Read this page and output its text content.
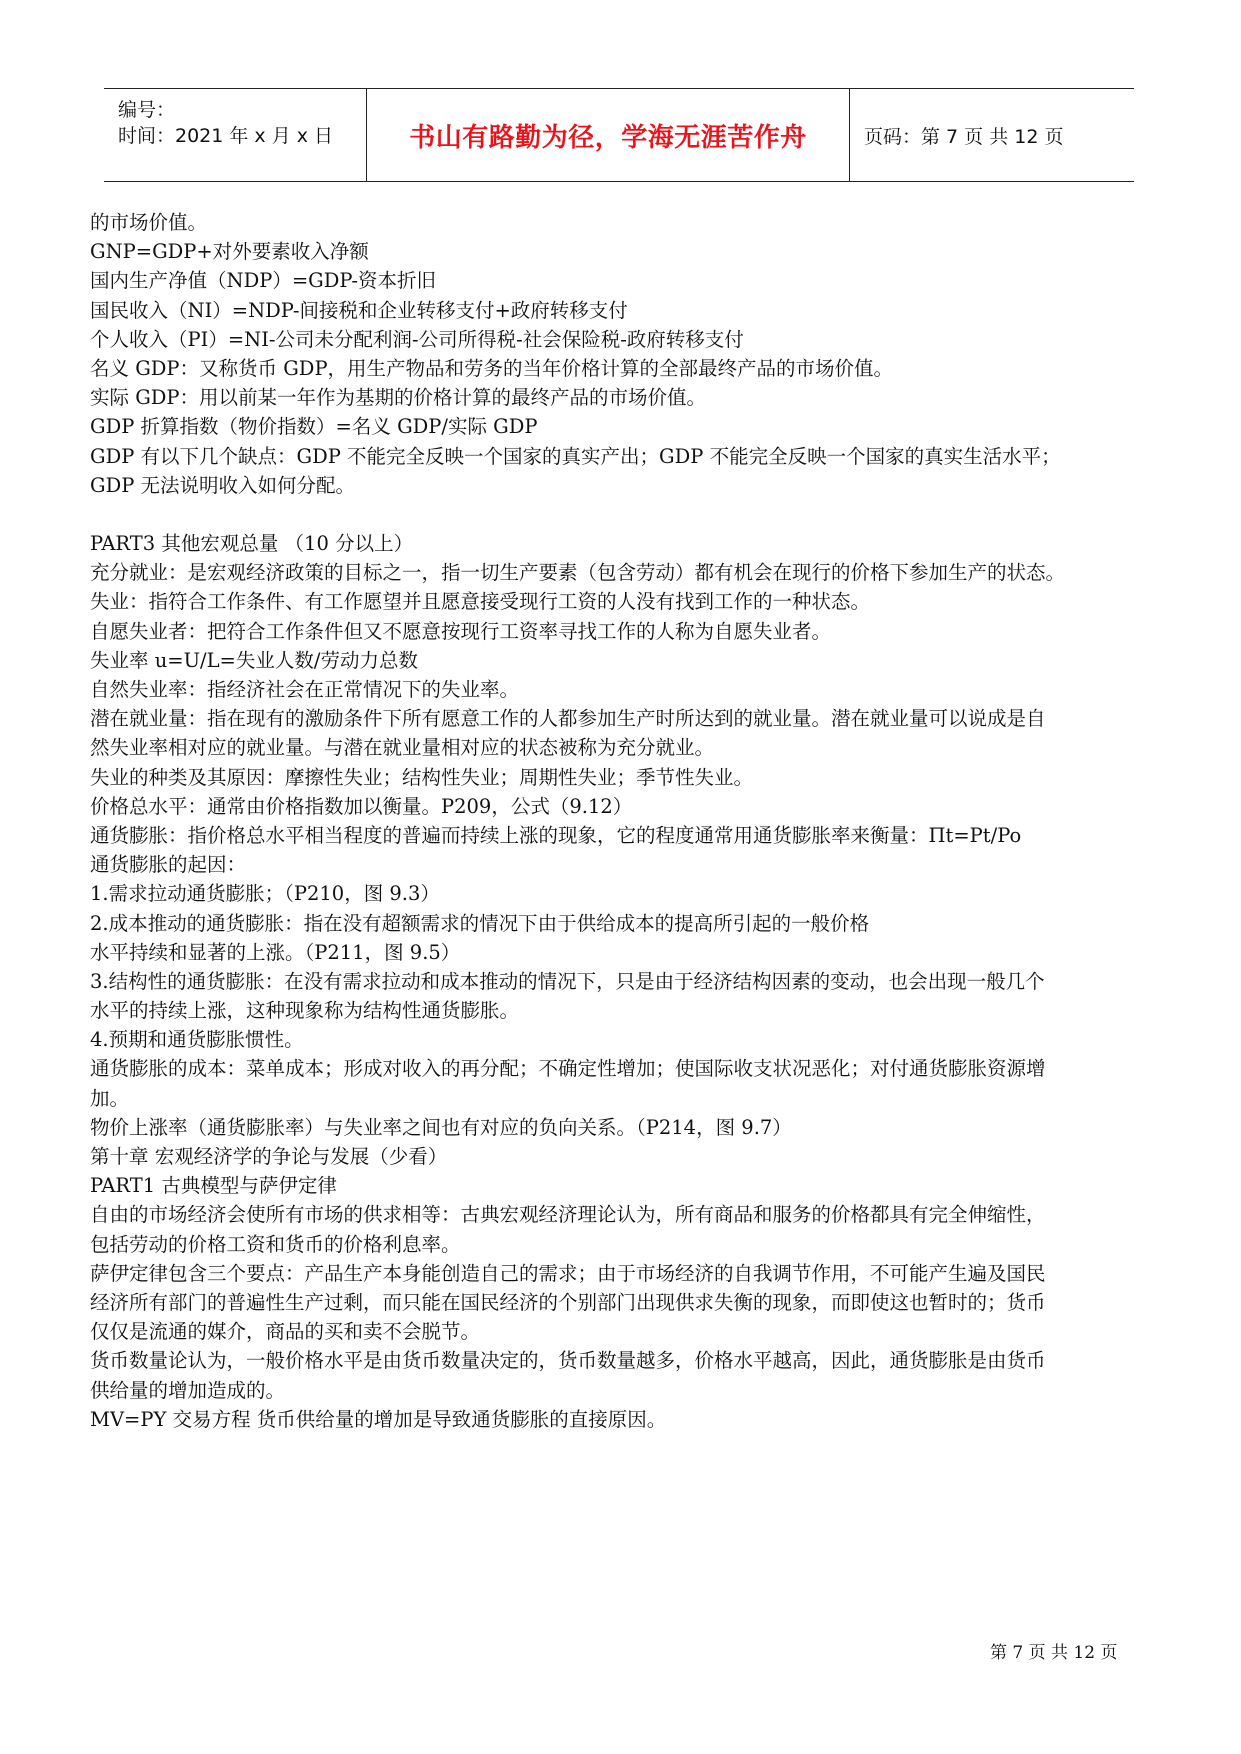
编号：
时间：2021 年 x 月 x 日	书山有路勤为径，学海无涯苦作舟	页码：第 7 页 共 12 页
的市场价值。
GNP=GDP+对外要素收入净额
国内生产净值（NDP）=GDP-资本折旧
国民收入（NI）=NDP-间接税和企业转移支付+政府转移支付
个人收入（PI）=NI-公司未分配利润-公司所得税-社会保险税-政府转移支付
名义 GDP：又称货币 GDP，用生产物品和劳务的当年价格计算的全部最终产品的市场价值。
实际 GDP：用以前某一年作为基期的价格计算的最终产品的市场价值。
GDP 折算指数（物价指数）=名义 GDP/实际 GDP
GDP 有以下几个缺点：GDP 不能完全反映一个国家的真实产出；GDP 不能完全反映一个国家的真实生活水平；
GDP 无法说明收入如何分配。
PART3 其他宏观总量 （10 分以上）
充分就业：是宏观经济政策的目标之一，指一切生产要素（包含劳动）都有机会在现行的价格下参加生产的状态。
失业：指符合工作条件、有工作愿望并且愿意接受现行工资的人没有找到工作的一种状态。
自愿失业者：把符合工作条件但又不愿意按现行工资率寻找工作的人称为自愿失业者。
失业率 u=U/L=失业人数/劳动力总数
自然失业率：指经济社会在正常情况下的失业率。
潜在就业量：指在现有的激励条件下所有愿意工作的人都参加生产时所达到的就业量。潜在就业量可以说成是自
然失业率相对应的就业量。与潜在就业量相对应的状态被称为充分就业。
失业的种类及其原因：摩擦性失业；结构性失业；周期性失业；季节性失业。
价格总水平：通常由价格指数加以衡量。P209，公式（9.12）
通货膨胀：指价格总水平相当程度的普遍而持续上涨的现象，它的程度通常用通货膨胀率来衡量：Πt=Pt/Po
通货膨胀的起因：
1.需求拉动通货膨胀；（P210，图 9.3）
2.成本推动的通货膨胀：指在没有超额需求的情况下由于供给成本的提高所引起的一般价格
水平持续和显著的上涨。（P211，图 9.5）
3.结构性的通货膨胀：在没有需求拉动和成本推动的情况下，只是由于经济结构因素的变动，也会出现一般几个
水平的持续上涨，这种现象称为结构性通货膨胀。
4.预期和通货膨胀惯性。
通货膨胀的成本：菜单成本；形成对收入的再分配；不确定性增加；使国际收支状况恶化；对付通货膨胀资源增
加。
物价上涨率（通货膨胀率）与失业率之间也有对应的负向关系。（P214，图 9.7）
第十章 宏观经济学的争论与发展（少看）
PART1 古典模型与萨伊定律
自由的市场经济会使所有市场的供求相等：古典宏观经济理论认为，所有商品和服务的价格都具有完全伸缩性，
包括劳动的价格工资和货币的价格利息率。
萨伊定律包含三个要点：产品生产本身能创造自己的需求；由于市场经济的自我调节作用，不可能产生遍及国民
经济所有部门的普遍性生产过剩，而只能在国民经济的个别部门出现供求失衡的现象，而即使这也暂时的；货币
仅仅是流通的媒介，商品的买和卖不会脱节。
货币数量论认为，一般价格水平是由货币数量决定的，货币数量越多，价格水平越高，因此，通货膨胀是由货币
供给量的增加造成的。
MV=PY 交易方程 货币供给量的增加是导致通货膨胀的直接原因。
第 7 页 共 12 页
